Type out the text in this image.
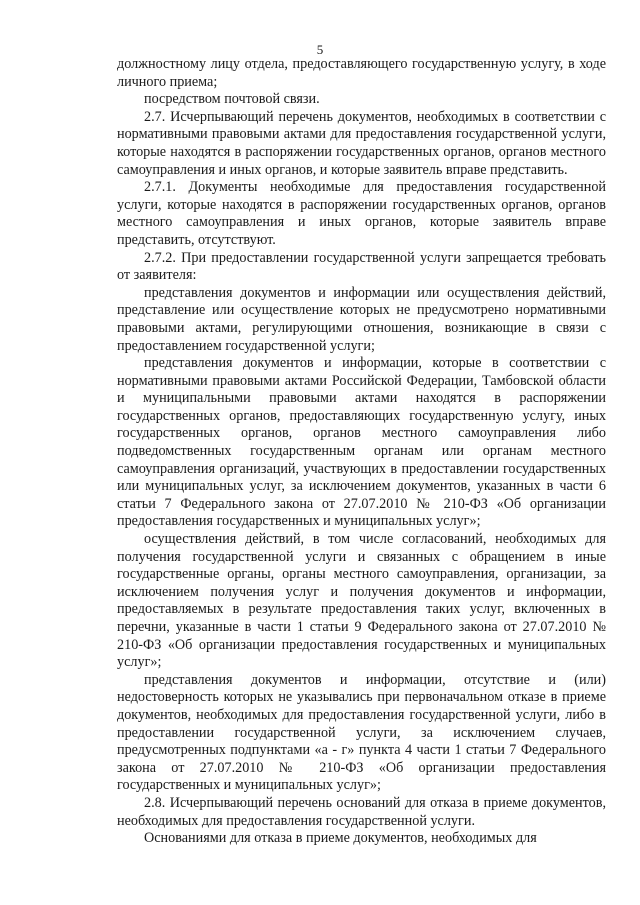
5

должностному лицу отдела, предоставляющего государственную услугу, в ходе личного приема;

посредством почтовой связи.

2.7. Исчерпывающий перечень документов, необходимых в соответствии с нормативными правовыми актами для предоставления государственной услуги, которые находятся в распоряжении государственных органов, органов местного самоуправления и иных органов, и которые заявитель вправе представить.

2.7.1. Документы необходимые для предоставления государственной услуги, которые находятся в распоряжении государственных органов, органов местного самоуправления и иных органов, которые заявитель вправе представить, отсутствуют.

2.7.2. При предоставлении государственной услуги запрещается требовать от заявителя:

представления документов и информации или осуществления действий, представление или осуществление которых не предусмотрено нормативными правовыми актами, регулирующими отношения, возникающие в связи с предоставлением государственной услуги;

представления документов и информации, которые в соответствии с нормативными правовыми актами Российской Федерации, Тамбовской области и муниципальными правовыми актами находятся в распоряжении государственных органов, предоставляющих государственную услугу, иных государственных органов, органов местного самоуправления либо подведомственных государственным органам или органам местного самоуправления организаций, участвующих в предоставлении государственных или муниципальных услуг, за исключением документов, указанных в части 6 статьи 7 Федерального закона от 27.07.2010 № 210-ФЗ «Об организации предоставления государственных и муниципальных услуг»;

осуществления действий, в том числе согласований, необходимых для получения государственной услуги и связанных с обращением в иные государственные органы, органы местного самоуправления, организации, за исключением получения услуг и получения документов и информации, предоставляемых в результате предоставления таких услуг, включенных в перечни, указанные в части 1 статьи 9 Федерального закона от 27.07.2010 № 210-ФЗ «Об организации предоставления государственных и муниципальных услуг»;

представления документов и информации, отсутствие и (или) недостоверность которых не указывались при первоначальном отказе в приеме документов, необходимых для предоставления государственной услуги, либо в предоставлении государственной услуги, за исключением случаев, предусмотренных подпунктами «а - г» пункта 4 части 1 статьи 7 Федерального закона от 27.07.2010 № 210-ФЗ «Об организации предоставления государственных и муниципальных услуг»;

2.8. Исчерпывающий перечень оснований для отказа в приеме документов, необходимых для предоставления государственной услуги.

Основаниями для отказа в приеме документов, необходимых для
